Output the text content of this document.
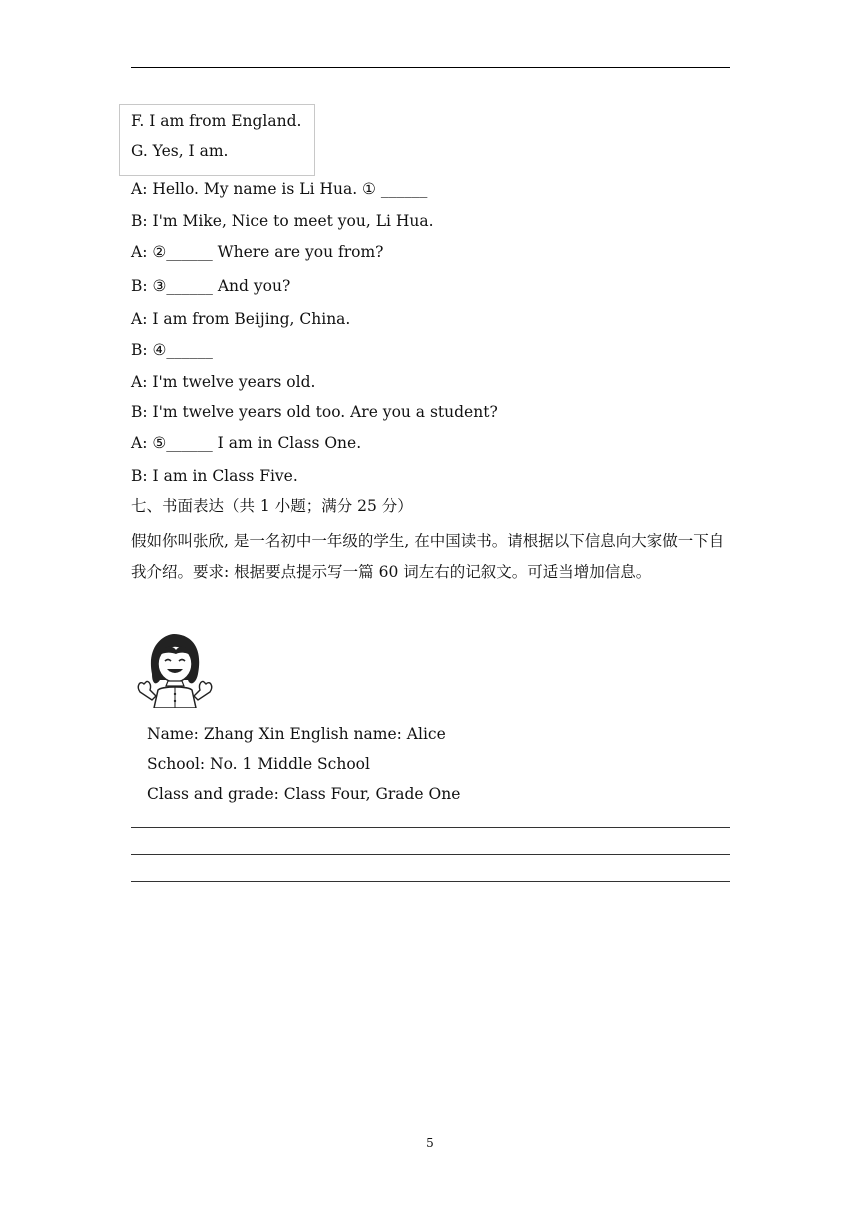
F. I am from England.
G. Yes, I am.
A: Hello. My name is Li Hua. ① ______
B: I'm Mike, Nice to meet you, Li Hua.
A: ②______ Where are you from?
B: ③______ And you?
A: I am from Beijing, China.
B: ④______
A: I'm twelve years old.
B: I'm twelve years old too. Are you a student?
A: ⑤______ I am in Class One.
B: I am in Class Five.
七、书面表达（共 1 小题；满分 25 分）
假如你叫张欣, 是一名初中一年级的学生, 在中国读书。请根据以下信息向大家做一下自我介绍。要求: 根据要点提示写一篇 60 词左右的记叙文。可适当增加信息。
Name: Zhang Xin English name: Alice
School: No. 1 Middle School
Class and grade: Class Four, Grade One
5
